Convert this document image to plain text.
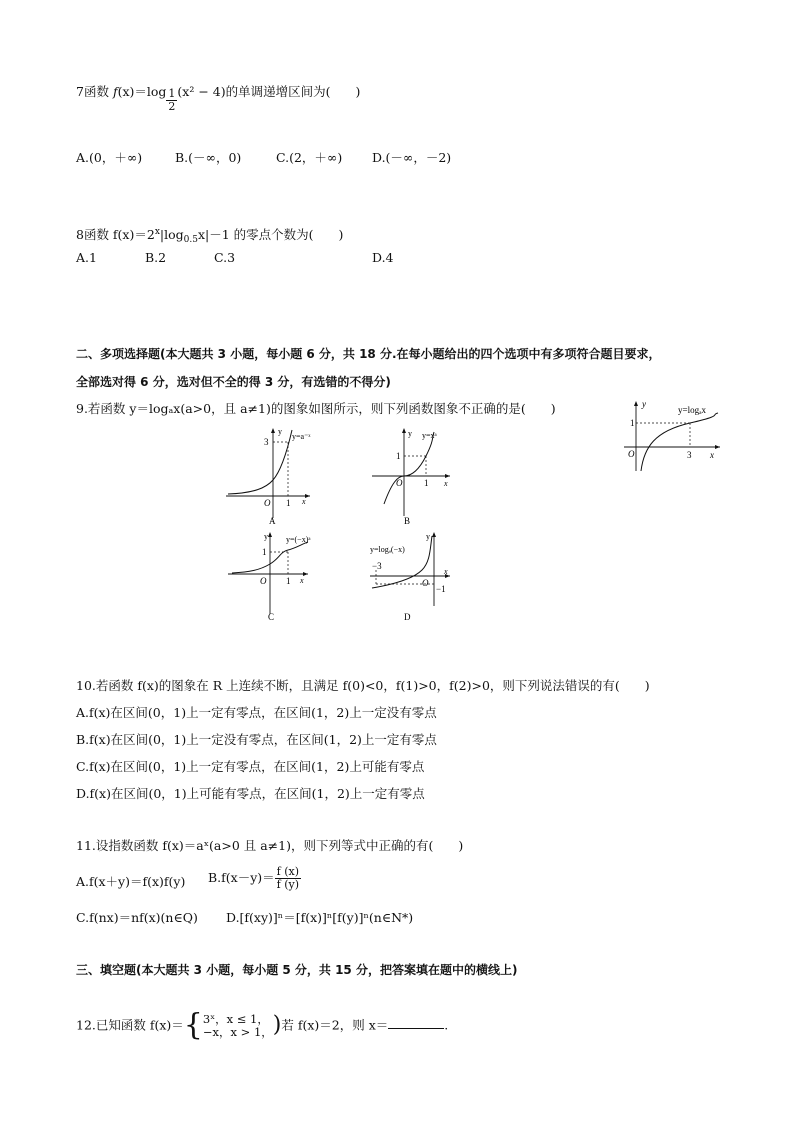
7函数 $f(x)=\log \frac{1}{2} (x^2 - 4)$的单调递增区间为(　　)
A.(0，＋∞)	B.(－∞，0)	C.(2，＋∞) D.(－∞，－2)
8函数 $f(x)=2^x|\log_{0.5}x|-1$ 的零点个数为(　　)
A.1	B.2	C.3	D.4
二、多项选择题(本大题共 3 小题，每小题 6 分，共 18 分.在每小题给出的四个选项中有多项符合题目要求，
全部选对得 6 分，选对但不全的得 3 分，有选错的不得分)
9.若函数 y＝logₐx(a>0，且 a≠1)的图象如图所示，则下列函数图象不正确的是(　　)	y
y=logₐx
1
O	3 x
y
y=a⁻ˣ
3
O 1 x
A
y y=xᵃ
1
O 1 x
B
y y=(−x)ᵃ
1
O 1 x
C
y
y=logₐ(−x)
−3
O
−1
x
D
10.若函数 f(x)的图象在 R 上连续不断，且满足 f(0)<0，f(1)>0，f(2)>0，则下列说法错误的有(　　)
A.f(x)在区间(0，1)上一定有零点，在区间(1，2)上一定没有零点
B.f(x)在区间(0，1)上一定没有零点，在区间(1，2)上一定有零点
C.f(x)在区间(0，1)上一定有零点，在区间(1，2)上可能有零点
D.f(x)在区间(0，1)上可能有零点，在区间(1，2)上一定有零点
11.设指数函数 f(x)＝aˣ(a>0 且 a≠1)，则下列等式中正确的有(　　)
A.f(x＋y)＝f(x)f(y) $B.f(x-y)= \frac{f (x)}{f (y)}$
C.f(nx)＝nf(x)(n∈Q) D.[f(xy)]ⁿ＝[f(x)]ⁿ[f(y)]ⁿ(n∈N*)
三、填空题(本大题共 3 小题，每小题 5 分，共 15 分，把答案填在题中的横线上)
12.已知函数 f(x)＝{ 3ˣ，x ≤ 1，
−x，x > 1， )若 f(x)＝2，则 x＝	.
